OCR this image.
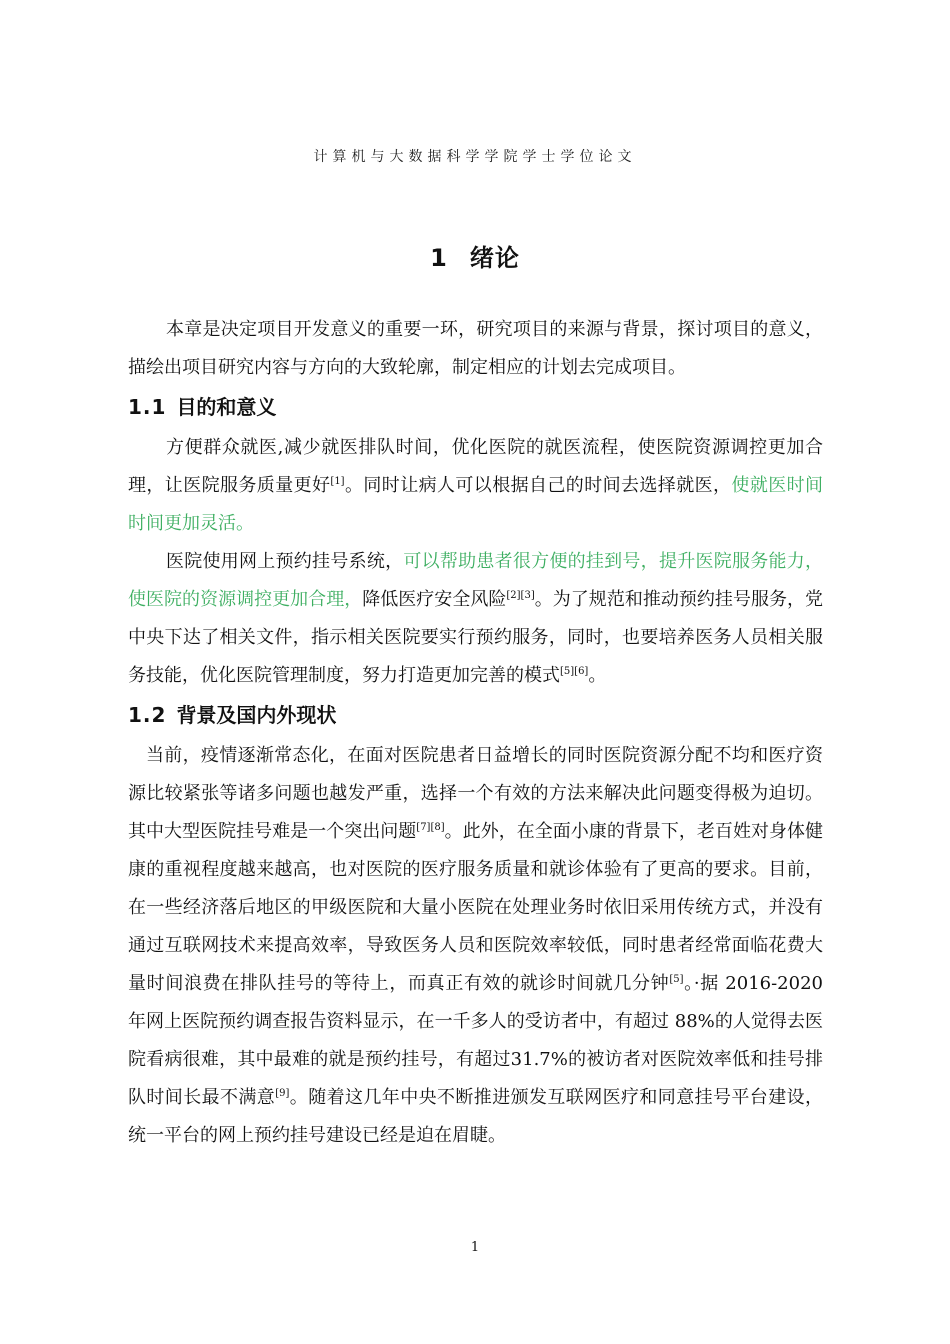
计算机与大数据科学学院学士学位论文
1 绪论

本章是决定项目开发意义的重要一环，研究项目的来源与背景，探讨项目的意义，描绘出项目研究内容与方向的大致轮廓，制定相应的计划去完成项目。

1.1 目的和意义

方便群众就医,减少就医排队时间，优化医院的就医流程，使医院资源调控更加合理，让医院服务质量更好[1]。同时让病人可以根据自己的时间去选择就医，使就医时间时间更加灵活。

医院使用网上预约挂号系统，可以帮助患者很方便的挂到号，提升医院服务能力，使医院的资源调控更加合理，降低医疗安全风险[2][3]。为了规范和推动预约挂号服务，党中央下达了相关文件，指示相关医院要实行预约服务，同时，也要培养医务人员相关服务技能，优化医院管理制度，努力打造更加完善的模式[5][6]。

1.2 背景及国内外现状

当前，疫情逐渐常态化，在面对医院患者日益增长的同时医院资源分配不均和医疗资源比较紧张等诸多问题也越发严重，选择一个有效的方法来解决此问题变得极为迫切。其中大型医院挂号难是一个突出问题[7][8]。此外，在全面小康的背景下，老百姓对身体健康的重视程度越来越高，也对医院的医疗服务质量和就诊体验有了更高的要求。目前，在一些经济落后地区的甲级医院和大量小医院在处理业务时依旧采用传统方式，并没有通过互联网技术来提高效率，导致医务人员和医院效率较低，同时患者经常面临花费大量时间浪费在排队挂号的等待上，而真正有效的就诊时间就几分钟[5]。·据 2016-2020 年网上医院预约调查报告资料显示，在一千多人的受访者中，有超过 88%的人觉得去医院看病很难，其中最难的就是预约挂号，有超过31.7%的被访者对医院效率低和挂号排队时间长最不满意[9]。随着这几年中央不断推进颁发互联网医疗和同意挂号平台建设，统一平台的网上预约挂号建设已经是迫在眉睫。

1
